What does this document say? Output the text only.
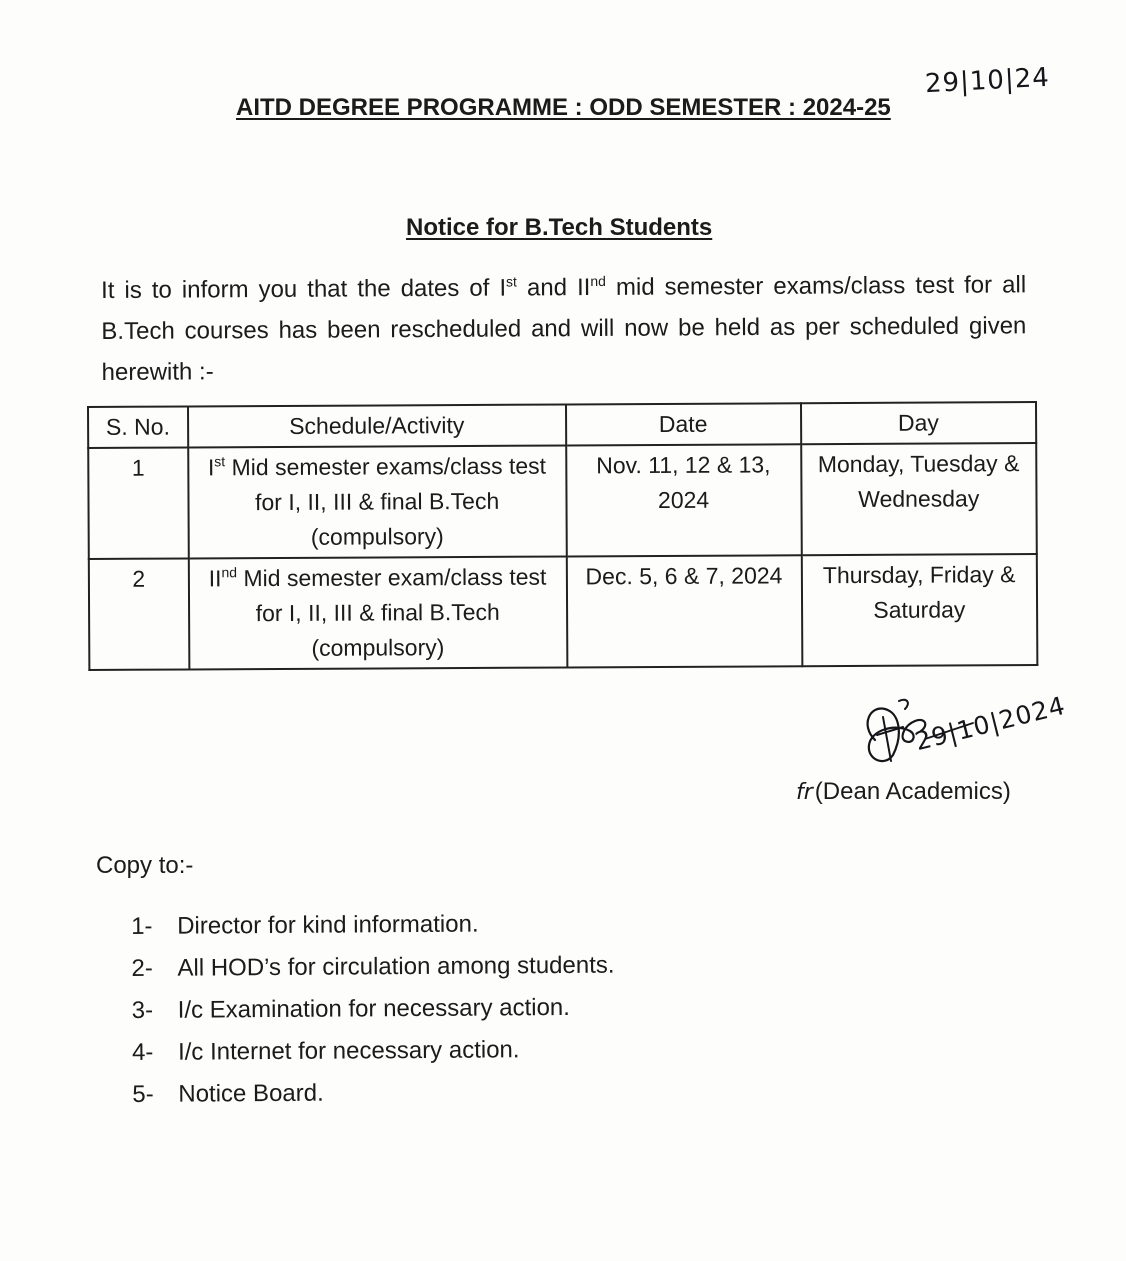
29|10|24
AITD DEGREE PROGRAMME : ODD SEMESTER : 2024-25
Notice for B.Tech Students
It is to inform you that the dates of Ist and IInd mid semester exams/class test for all B.Tech courses has been rescheduled and will now be held as per scheduled given herewith :-
S. No.	Schedule/Activity	Date	Day
1	Ist Mid semester exams/class test for I, II, III & final B.Tech (compulsory)	Nov. 11, 12 & 13, 2024	Monday, Tuesday & Wednesday
2	IInd Mid semester exam/class test for I, II, III & final B.Tech (compulsory)	Dec. 5, 6 & 7, 2024	Thursday, Friday & Saturday
29|10|2024
fr(Dean Academics)
Copy to:-
1- Director for kind information.
2- All HOD’s for circulation among students.
3- I/c Examination for necessary action.
4- I/c Internet for necessary action.
5- Notice Board.
